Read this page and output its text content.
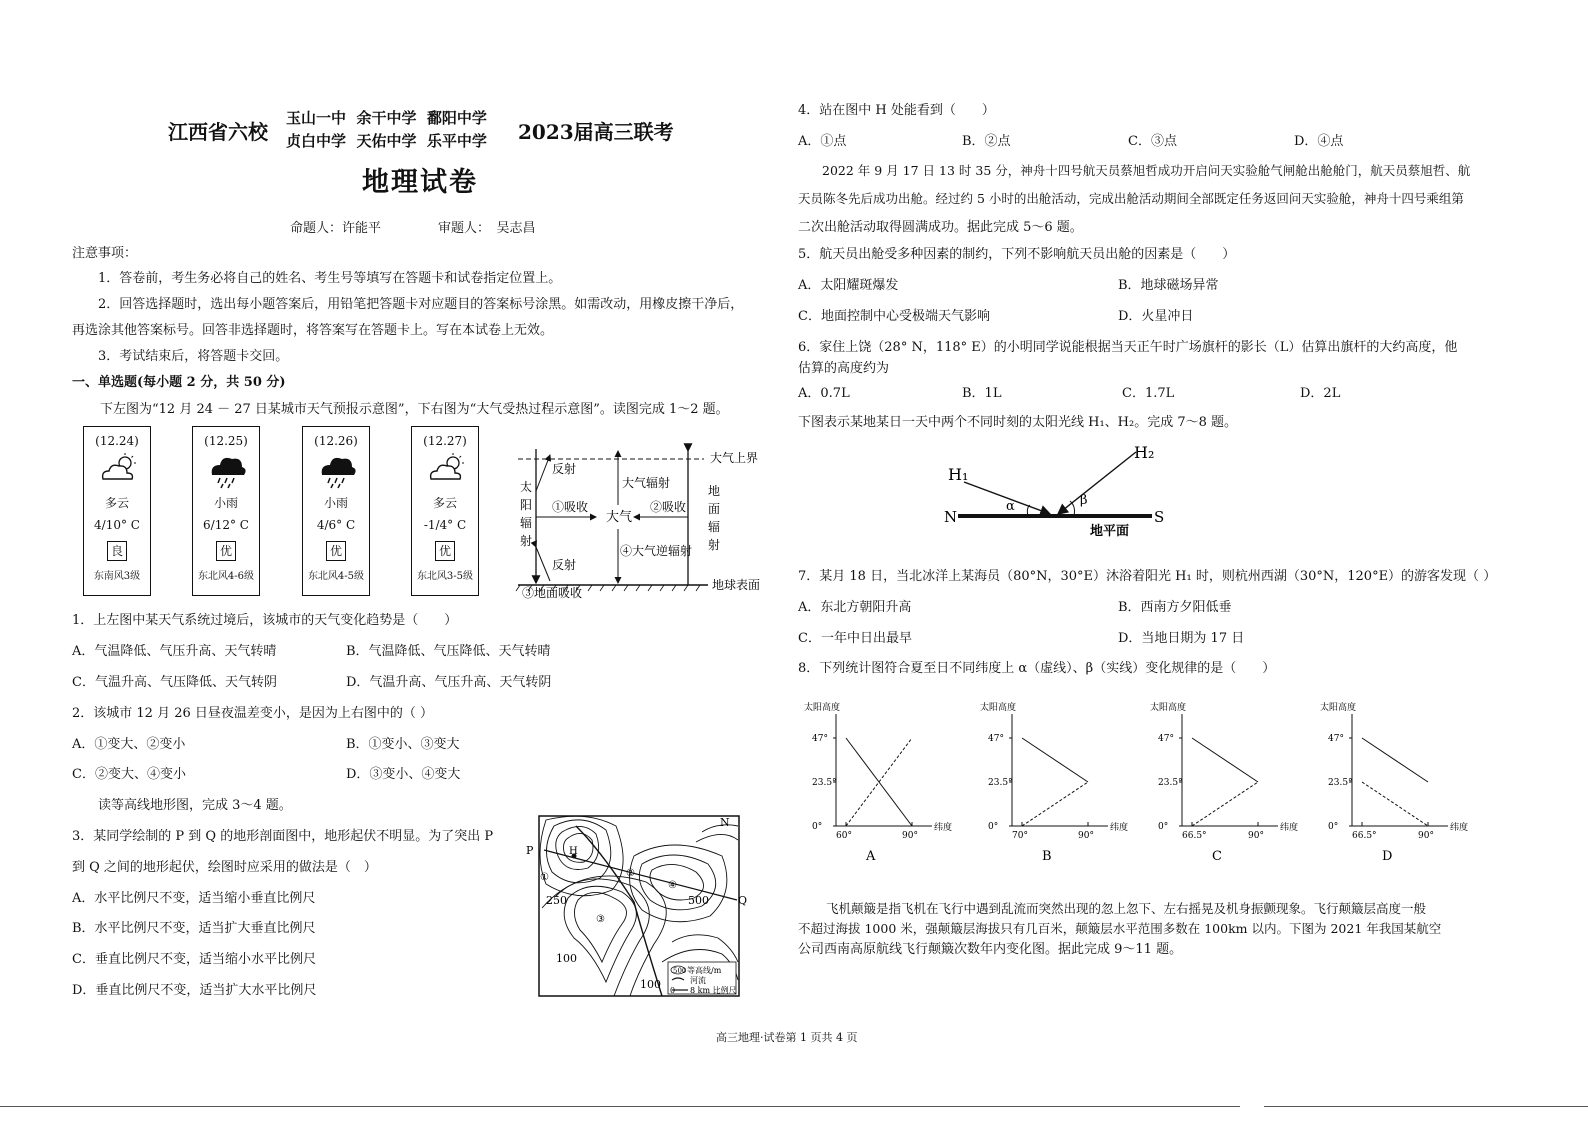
江西省六校
玉山一中  余干中学  鄱阳中学
贞白中学  天佑中学  乐平中学 2023届高三联考
地理试卷
命题人：许能平	审题人：　吴志昌
注意事项：
1．答卷前，考生务必将自己的姓名、考生号等填写在答题卡和试卷指定位置上。
2．回答选择题时，选出每小题答案后，用铅笔把答题卡对应题目的答案标号涂黑。如需改动，用橡皮擦干净后，
再选涂其他答案标号。回答非选择题时，将答案写在答题卡上。写在本试卷上无效。
3．考试结束后，将答题卡交回。
一、单选题(每小题 2 分，共 50 分)
下左图为“12 月 24 － 27 日某城市天气预报示意图”，下右图为“大气受热过程示意图”。读图完成 1～2 题。
(12.24)
多云
4/10° C
良
东南风3级
(12.25)
小雨
6/12° C
优
东北风4-6级
(12.26)
小雨
4/6° C
优
东北风4-5级
(12.27)
多云
-1/4° C
优
东北风3-5级
大气上界
地球表面
太
阳
辐
射
地
面
辐
射
反射
反射
大气辐射
①吸收	②吸收
大气
④大气逆辐射
③地面吸收
1．上左图中某天气系统过境后，该城市的天气变化趋势是（　　）
A．气温降低、气压升高、天气转晴	B．气温降低、气压降低、天气转晴
C．气温升高、气压降低、天气转阴	D．气温升高、气压升高、天气转阴
2．该城市 12 月 26 日昼夜温差变小，是因为上右图中的（ ）
A．①变大、②变小	B．①变小、③变大
C．②变大、④变小	D．③变小、④变大
读等高线地形图，完成 3～4 题。
3．某同学绘制的 P 到 Q 的地形剖面图中，地形起伏不明显。为了突出 P
到 Q 之间的地形起伏，绘图时应采用的做法是（　）
A．水平比例尺不变，适当缩小垂直比例尺
B．水平比例尺不变，适当扩大垂直比例尺
C．垂直比例尺不变，适当缩小水平比例尺
D．垂直比例尺不变，适当扩大水平比例尺
N
P
Q
H
①	②
③
④
250	500
100
100
500 等高线/m
河流
0 8 km 比例尺
4．站在图中 H 处能看到（　　）
A．①点	B．②点	C．③点	D．④点
2022 年 9 月 17 日 13 时 35 分，神舟十四号航天员蔡旭哲成功开启问天实验舱气闸舱出舱舱门，航天员蔡旭哲、航
天员陈冬先后成功出舱。经过约 5 小时的出舱活动，完成出舱活动期间全部既定任务返回问天实验舱，神舟十四号乘组第
二次出舱活动取得圆满成功。据此完成 5～6 题。
5．航天员出舱受多种因素的制约，下列不影响航天员出舱的因素是（　　）
A．太阳耀斑爆发	B．地球磁场异常
C．地面控制中心受极端天气影响	D．火星冲日
6．家住上饶（28° N，118° E）的小明同学说能根据当天正午时广场旗杆的影长（L）估算出旗杆的大约高度，他
估算的高度约为
A．0.7L	B．1L	C．1.7L	D．2L
下图表示某地某日一天中两个不同时刻的太阳光线 H₁、H₂。完成 7～8 题。
H₁
H₂
α	β
N	S
地平面
7．某月 18 日，当北冰洋上某海员（80°N，30°E）沐浴着阳光 H₁ 时，则杭州西湖（30°N，120°E）的游客发现（ ）
A．东北方朝阳升高	B．西南方夕阳低垂
C．一年中日出最早	D．当地日期为 17 日
8．下列统计图符合夏至日不同纬度上 α（虚线）、β（实线）变化规律的是（　　）
太阳高度
纬度
0°
23.5°
47°
60°	90°
A
太阳高度
纬度
0°
23.5°
47°
70°	90°
B
太阳高度
纬度
0°
23.5°
47°
66.5°	90°
C
太阳高度
纬度
0°
23.5°
47°
66.5°	90°
D
飞机颠簸是指飞机在飞行中遇到乱流而突然出现的忽上忽下、左右摇晃及机身振颤现象。飞行颠簸层高度一般
不超过海拔 1000 米，强颠簸层海拔只有几百米，颠簸层水平范围多数在 100km 以内。下图为 2021 年我国某航空
公司西南高原航线飞行颠簸次数年内变化图。据此完成 9～11 题。
高三地理·试卷第 1 页共 4 页
